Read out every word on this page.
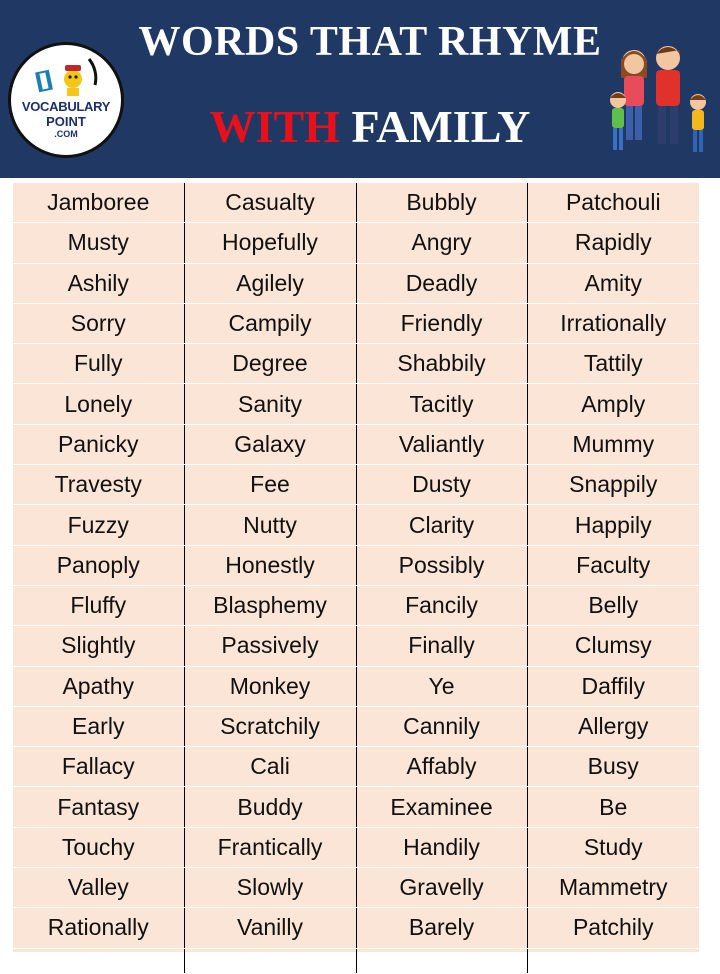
VOCABULARY
POINT
.COM
WORDS THAT RHYME
WITH FAMILY
Jamboree	Casualty	Bubbly	Patchouli
Musty	Hopefully	Angry	Rapidly
Ashily	Agilely	Deadly	Amity
Sorry	Campily	Friendly	Irrationally
Fully	Degree	Shabbily	Tattily
Lonely	Sanity	Tacitly	Amply
Panicky	Galaxy	Valiantly	Mummy
Travesty	Fee	Dusty	Snappily
Fuzzy	Nutty	Clarity	Happily
Panoply	Honestly	Possibly	Faculty
Fluffy	Blasphemy	Fancily	Belly
Slightly	Passively	Finally	Clumsy
Apathy	Monkey	Ye	Daffily
Early	Scratchily	Cannily	Allergy
Fallacy	Cali	Affably	Busy
Fantasy	Buddy	Examinee	Be
Touchy	Frantically	Handily	Study
Valley	Slowly	Gravelly	Mammetry
Rationally	Vanilly	Barely	Patchily
